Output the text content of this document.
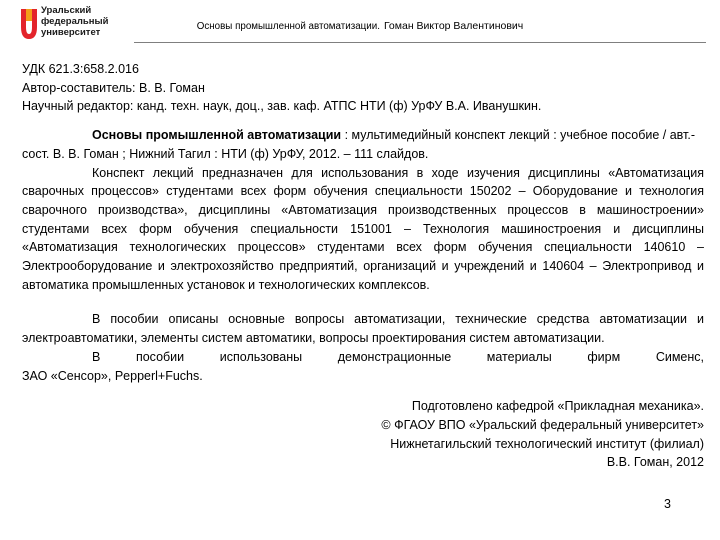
Уральский
федеральный
университет
Основы промышленной автоматизации. Гоман Виктор Валентинович

УДК 621.3:658.2.016

Автор-составитель: В. В. Гоман

Научный редактор: канд. техн. наук, доц., зав. каф. АТПС НТИ (ф) УрФУ В.А. Иванушкин.

Основы промышленной автоматизации : мультимедийный конспект лекций : учебное пособие / авт.-сост. В. В. Гоман ; Нижний Тагил : НТИ (ф) УрФУ, 2012. – 111 слайдов.

Конспект лекций предназначен для использования в ходе изучения дисциплины «Автоматизация сварочных процессов» студентами всех форм обучения специальности 150202 – Оборудование и технология сварочного производства», дисциплины «Автоматизация производственных процессов в машиностроении» студентами всех форм обучения специальности 151001 – Технология машиностроения и дисциплины «Автоматизация технологических процессов» студентами всех форм обучения специальности 140610 – Электрооборудование и электрохозяйство предприятий, организаций и учреждений и 140604 – Электропривод и автоматика промышленных установок и технологических комплексов.

В пособии описаны основные вопросы автоматизации, технические средства автоматизации и электроавтоматики, элементы систем автоматики, вопросы проектирования систем автоматизации.

В пособии использованы демонстрационные материалы фирм Сименс,

ЗАО «Сенсор», Pepperl+Fuchs.

Подготовлено кафедрой «Прикладная механика».

© ФГАОУ ВПО «Уральский федеральный университет»

Нижнетагильский технологический институт (филиал)

В.В. Гоман, 2012

3
